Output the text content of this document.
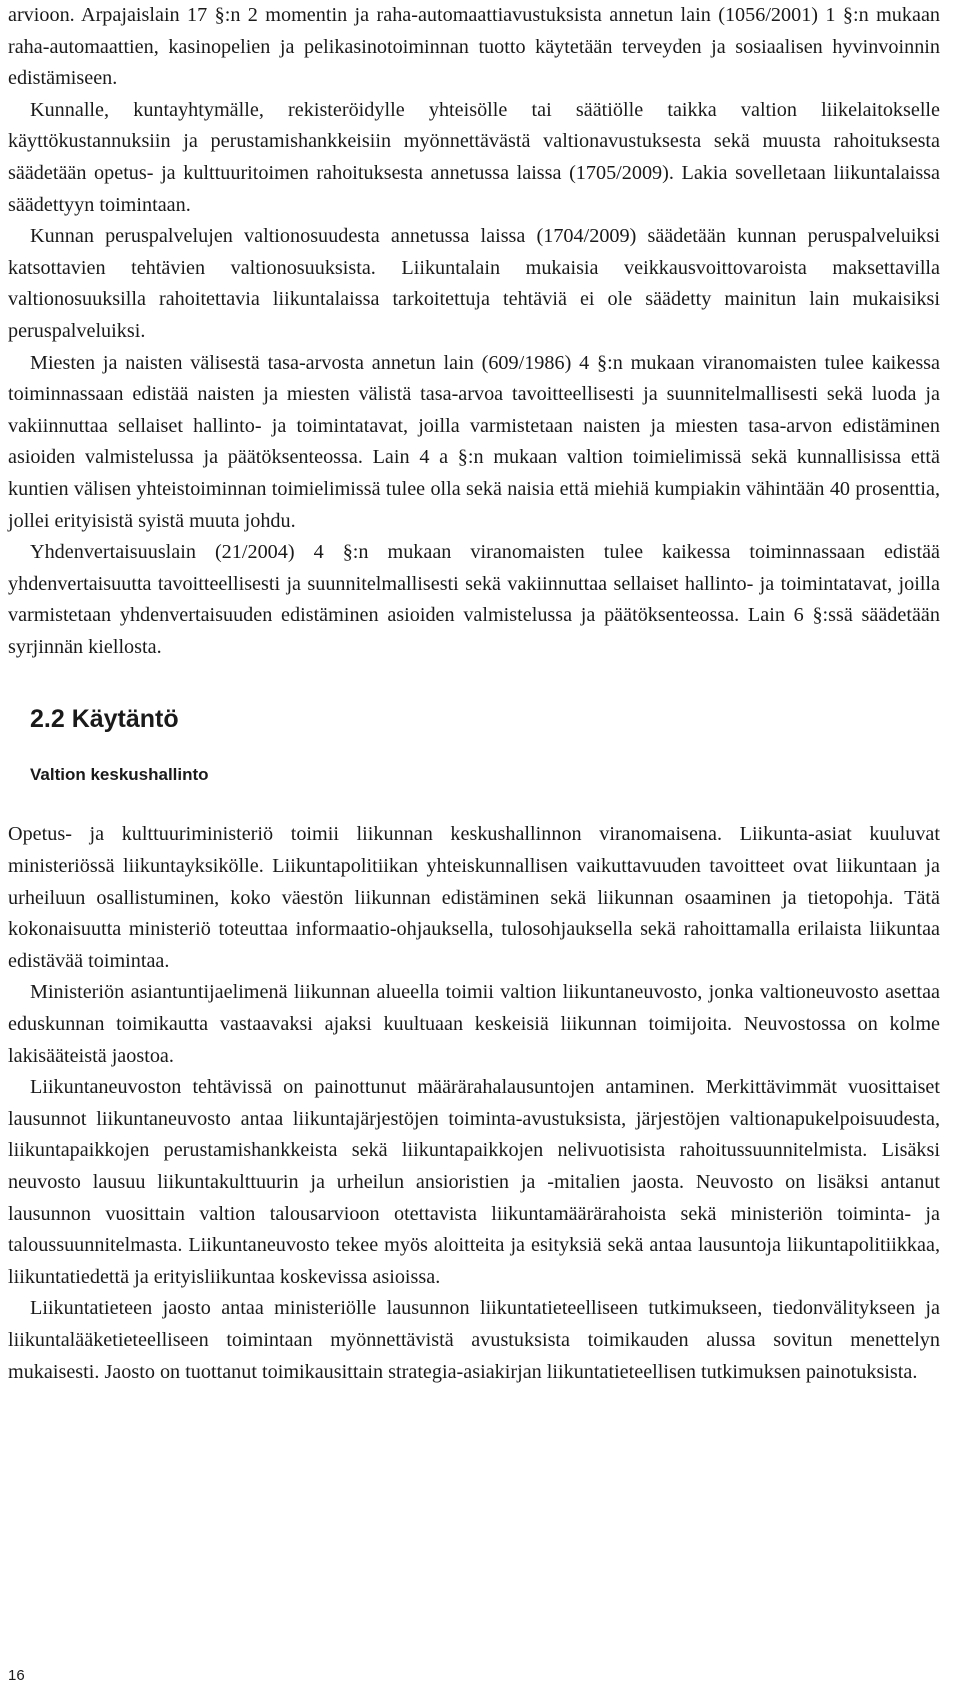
arvioon. Arpajaislain 17 §:n 2 momentin ja raha-automaattiavustuksista annetun lain (1056/2001) 1 §:n mukaan raha-automaattien, kasinopelien ja pelikasinotoiminnan tuotto käytetään terveyden ja sosiaalisen hyvinvoinnin edistämiseen.

Kunnalle, kuntayhtymälle, rekisteröidylle yhteisölle tai säätiölle taikka valtion liikelaitokselle käyttökustannuksiin ja perustamishankkeisiin myönnettävästä valtionavustuksesta sekä muusta rahoituksesta säädetään opetus- ja kulttuuritoimen rahoituksesta annetussa laissa (1705/2009). Lakia sovelletaan liikuntalaissa säädettyyn toimintaan.

Kunnan peruspalvelujen valtionosuudesta annetussa laissa (1704/2009) säädetään kunnan peruspalveluiksi katsottavien tehtävien valtionosuuksista. Liikuntalain mukaisia veikkausvoittovaroista maksettavilla valtionosuuksilla rahoitettavia liikuntalaissa tarkoitettuja tehtäviä ei ole säädetty mainitun lain mukaisiksi peruspalveluiksi.

Miesten ja naisten välisestä tasa-arvosta annetun lain (609/1986) 4 §:n mukaan viranomaisten tulee kaikessa toiminnassaan edistää naisten ja miesten välistä tasa-arvoa tavoitteellisesti ja suunnitelmallisesti sekä luoda ja vakiinnuttaa sellaiset hallinto- ja toimintatavat, joilla varmistetaan naisten ja miesten tasa-arvon edistäminen asioiden valmistelussa ja päätöksenteossa. Lain 4 a §:n mukaan valtion toimielimissä sekä kunnallisissa että kuntien välisen yhteistoiminnan toimielimissä tulee olla sekä naisia että miehiä kumpiakin vähintään 40 prosenttia, jollei erityisistä syistä muuta johdu.

Yhdenvertaisuuslain (21/2004) 4 §:n mukaan viranomaisten tulee kaikessa toiminnassaan edistää yhdenvertaisuutta tavoitteellisesti ja suunnitelmallisesti sekä vakiinnuttaa sellaiset hallinto- ja toimintatavat, joilla varmistetaan yhdenvertaisuuden edistäminen asioiden valmistelussa ja päätöksenteossa. Lain 6 §:ssä säädetään syrjinnän kiellosta.

2.2 Käytäntö
Valtion keskushallinto

Opetus- ja kulttuuriministeriö toimii liikunnan keskushallinnon viranomaisena. Liikunta-asiat kuuluvat ministeriössä liikuntayksikölle. Liikuntapolitiikan yhteiskunnallisen vaikuttavuuden tavoitteet ovat liikuntaan ja urheiluun osallistuminen, koko väestön liikunnan edistäminen sekä liikunnan osaaminen ja tietopohja. Tätä kokonaisuutta ministeriö toteuttaa informaatio-ohjauksella, tulosohjauksella sekä rahoittamalla erilaista liikuntaa edistävää toimintaa.

Ministeriön asiantuntijaelimenä liikunnan alueella toimii valtion liikuntaneuvosto, jonka valtioneuvosto asettaa eduskunnan toimikautta vastaavaksi ajaksi kuultuaan keskeisiä liikunnan toimijoita. Neuvostossa on kolme lakisääteistä jaostoa.

Liikuntaneuvoston tehtävissä on painottunut määrärahalausuntojen antaminen. Merkittävimmät vuosittaiset lausunnot liikuntaneuvosto antaa liikuntajärjestöjen toiminta-avustuksista, järjestöjen valtionapukelpoisuudesta, liikuntapaikkojen perustamishankkeista sekä liikuntapaikkojen nelivuotisista rahoitussuunnitelmista. Lisäksi neuvosto lausuu liikuntakulttuurin ja urheilun ansioristien ja -mitalien jaosta. Neuvosto on lisäksi antanut lausunnon vuosittain valtion talousarvioon otettavista liikuntamäärärahoista sekä ministeriön toiminta- ja taloussuunnitelmasta. Liikuntaneuvosto tekee myös aloitteita ja esityksiä sekä antaa lausuntoja liikuntapolitiikkaa, liikuntatiedettä ja erityisliikuntaa koskevissa asioissa.

Liikuntatieteen jaosto antaa ministeriölle lausunnon liikuntatieteelliseen tutkimukseen, tiedonvälitykseen ja liikuntalääketieteelliseen toimintaan myönnettävistä avustuksista toimikauden alussa sovitun menettelyn mukaisesti. Jaosto on tuottanut toimikausittain strategia-asiakirjan liikuntatieteellisen tutkimuksen painotuksista.

16
